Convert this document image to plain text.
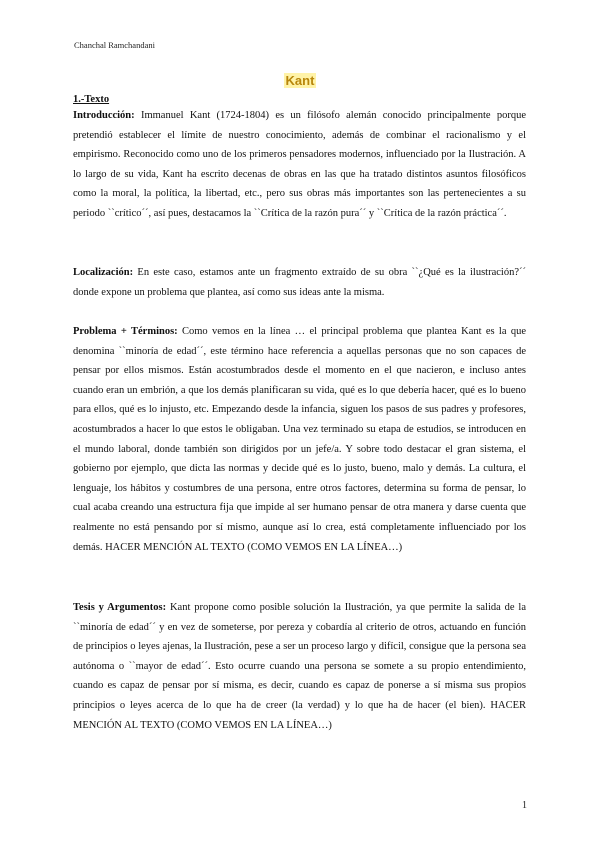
Chanchal Ramchandani
Kant
1.-Texto
Introducción: Immanuel Kant (1724-1804) es un filósofo alemán conocido principalmente porque pretendió establecer el límite de nuestro conocimiento, además de combinar el racionalismo y el empirismo. Reconocido como uno de los primeros pensadores modernos, influenciado por la Ilustración. A lo largo de su vida, Kant ha escrito decenas de obras en las que ha tratado distintos asuntos filosóficos como la moral, la política, la libertad, etc., pero sus obras más importantes son las pertenecientes a su periodo ``crítico´´, así pues, destacamos la ``Crítica de la razón pura´´ y ``Crítica de la razón práctica´´.
Localización: En este caso, estamos ante un fragmento extraído de su obra ``¿Qué es la ilustración?´´ donde expone un problema que plantea, así como sus ideas ante la misma.
Problema + Términos: Como vemos en la línea … el principal problema que plantea Kant es la que denomina ``minoría de edad´´, este término hace referencia a aquellas personas que no son capaces de pensar por ellos mismos. Están acostumbrados desde el momento en el que nacieron, e incluso antes cuando eran un embrión, a que los demás planificaran su vida, qué es lo que debería hacer, qué es lo bueno para ellos, qué es lo injusto, etc. Empezando desde la infancia, siguen los pasos de sus padres y profesores, acostumbrados a hacer lo que estos le obligaban. Una vez terminado su etapa de estudios, se introducen en el mundo laboral, donde también son dirigidos por un jefe/a. Y sobre todo destacar el gran sistema, el gobierno por ejemplo, que dicta las normas y decide qué es lo justo, bueno, malo y demás. La cultura, el lenguaje, los hábitos y costumbres de una persona, entre otros factores, determina su forma de pensar, lo cual acaba creando una estructura fija que impide al ser humano pensar de otra manera y darse cuenta que realmente no está pensando por sí mismo, aunque así lo crea, está completamente influenciado por los demás. HACER MENCIÓN AL TEXTO (COMO VEMOS EN LA LÍNEA…)
Tesis y Argumentos: Kant propone como posible solución la Ilustración, ya que permite la salida de la ``minoría de edad´´ y en vez de someterse, por pereza y cobardía al criterio de otros, actuando en función de principios o leyes ajenas, la Ilustración, pese a ser un proceso largo y difícil, consigue que la persona sea autónoma o ``mayor de edad´´. Esto ocurre cuando una persona se somete a su propio entendimiento, cuando es capaz de pensar por sí misma, es decir, cuando es capaz de ponerse a sí misma sus propios principios o leyes acerca de lo que ha de creer (la verdad) y lo que ha de hacer (el bien). HACER MENCIÓN AL TEXTO (COMO VEMOS EN LA LÍNEA…)
1
